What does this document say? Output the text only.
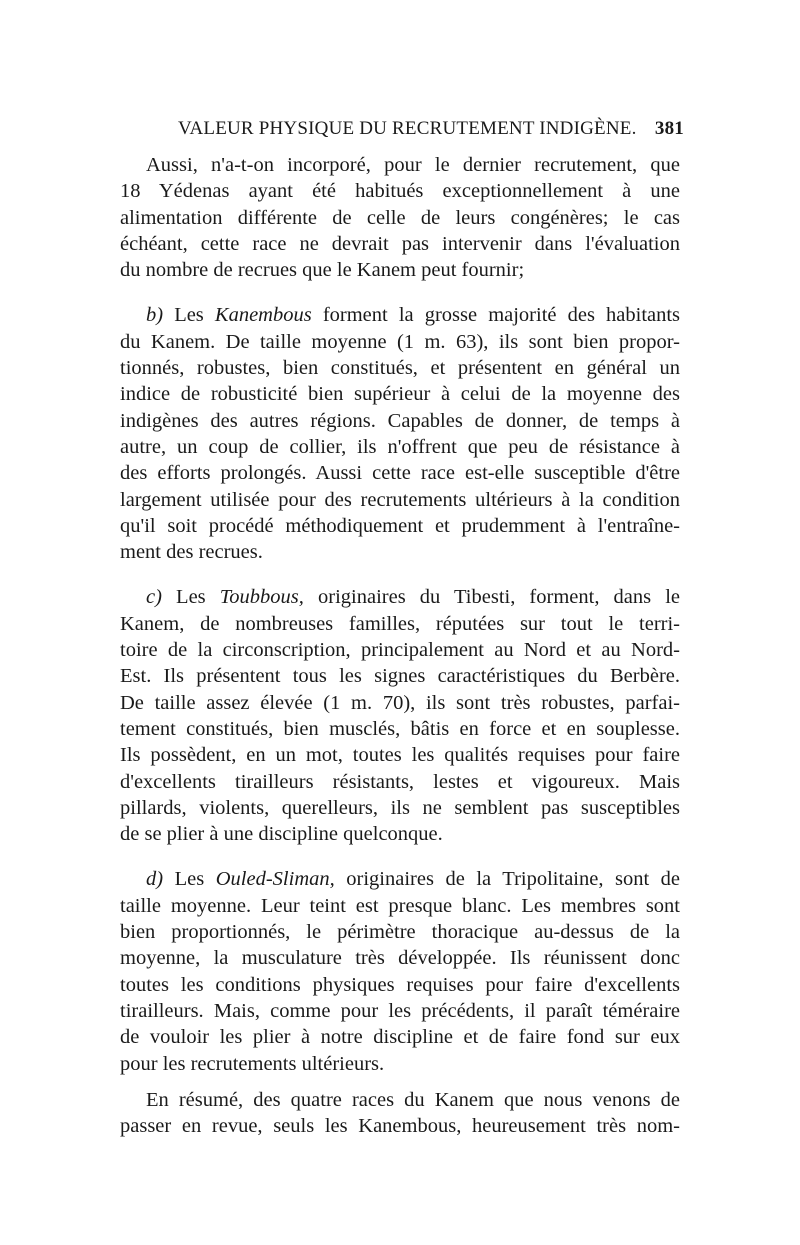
VALEUR PHYSIQUE DU RECRUTEMENT INDIGÈNE. 381
Aussi, n'a-t-on incorporé, pour le dernier recrutement, que
18 Yédenas ayant été habitués exceptionnellement à une
alimentation différente de celle de leurs congénères; le cas
échéant, cette race ne devrait pas intervenir dans l'évaluation
du nombre de recrues que le Kanem peut fournir;
b) Les Kanembous forment la grosse majorité des habitants
du Kanem. De taille moyenne (1 m. 63), ils sont bien propor-
tionnés, robustes, bien constitués, et présentent en général un
indice de robusticité bien supérieur à celui de la moyenne des
indigènes des autres régions. Capables de donner, de temps à
autre, un coup de collier, ils n'offrent que peu de résistance à
des efforts prolongés. Aussi cette race est-elle susceptible d'être
largement utilisée pour des recrutements ultérieurs à la condition
qu'il soit procédé méthodiquement et prudemment à l'entraîne-
ment des recrues.
c) Les Toubbous, originaires du Tibesti, forment, dans le
Kanem, de nombreuses familles, réputées sur tout le terri-
toire de la circonscription, principalement au Nord et au Nord-
Est. Ils présentent tous les signes caractéristiques du Berbère.
De taille assez élevée (1 m. 70), ils sont très robustes, parfai-
tement constitués, bien musclés, bâtis en force et en souplesse.
Ils possèdent, en un mot, toutes les qualités requises pour faire
d'excellents tirailleurs résistants, lestes et vigoureux. Mais
pillards, violents, querelleurs, ils ne semblent pas susceptibles
de se plier à une discipline quelconque.
d) Les Ouled-Sliman, originaires de la Tripolitaine, sont de
taille moyenne. Leur teint est presque blanc. Les membres sont
bien proportionnés, le périmètre thoracique au-dessus de la
moyenne, la musculature très développée. Ils réunissent donc
toutes les conditions physiques requises pour faire d'excellents
tirailleurs. Mais, comme pour les précédents, il paraît téméraire
de vouloir les plier à notre discipline et de faire fond sur eux
pour les recrutements ultérieurs.
En résumé, des quatre races du Kanem que nous venons de
passer en revue, seuls les Kanembous, heureusement très nom-
